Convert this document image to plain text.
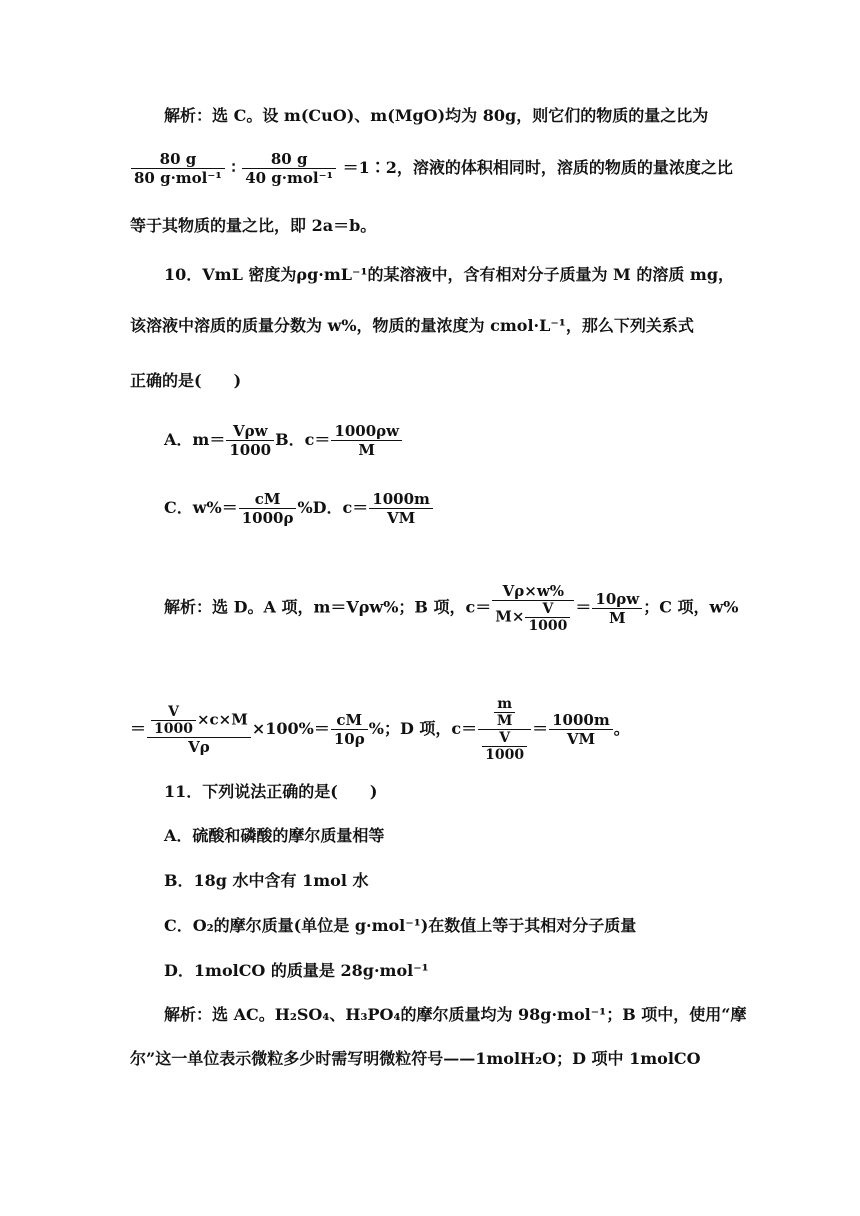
解析：选 C。设 m(CuO)、m(MgO)均为 80g，则它们的物质的量之比为
$\frac{80 g}{\text{80 g·mol⁻¹}}$ ∶ $\frac{80 g}{\text{40 g·mol⁻¹}}$ ＝1∶2，溶液的体积相同时，溶质的物质的量浓度之比
等于其物质的量之比，即 2a＝b。
10．VmL 密度为ρg·mL⁻¹的某溶液中，含有相对分子质量为 M 的溶质 mg，
该溶液中溶质的质量分数为 w%，物质的量浓度为 cmol·L⁻¹，那么下列关系式
正确的是(　　)
A．$m= \frac{\text{Vρw}}{1000}$ B．$c= \frac{1000\rho w}{M}$
C．$w\%= \frac{cM}{1000\rho} \%D$．$c= \frac{1000m}{VM}$
解析：选 D。A 项，m＝Vρw%；B 项，$c= \frac{V\rho\times w\%}{M\times \frac{V}{1000}} = \frac{10\rho w}{M}$ ；C 项，w%
＝ $\frac{\frac{V}{1000} \times c\times M}{V\rho} \times 100\%= \frac{cM}{10\rho}$ %；D 项，$c= \frac{\frac{m}{M}}{\frac{V}{1000}} = \frac{1000m}{VM}$ 。
11．下列说法正确的是(　　)
A．硫酸和磷酸的摩尔质量相等
B．18g 水中含有 1mol 水
C．O₂的摩尔质量(单位是 g·mol⁻¹)在数值上等于其相对分子质量
D．1molCO 的质量是 28g·mol⁻¹
解析：选 AC。H₂SO₄、H₃PO₄的摩尔质量均为 98g·mol⁻¹；B 项中，使用“摩
尔”这一单位表示微粒多少时需写明微粒符号——1molH₂O；D 项中 1molCO
